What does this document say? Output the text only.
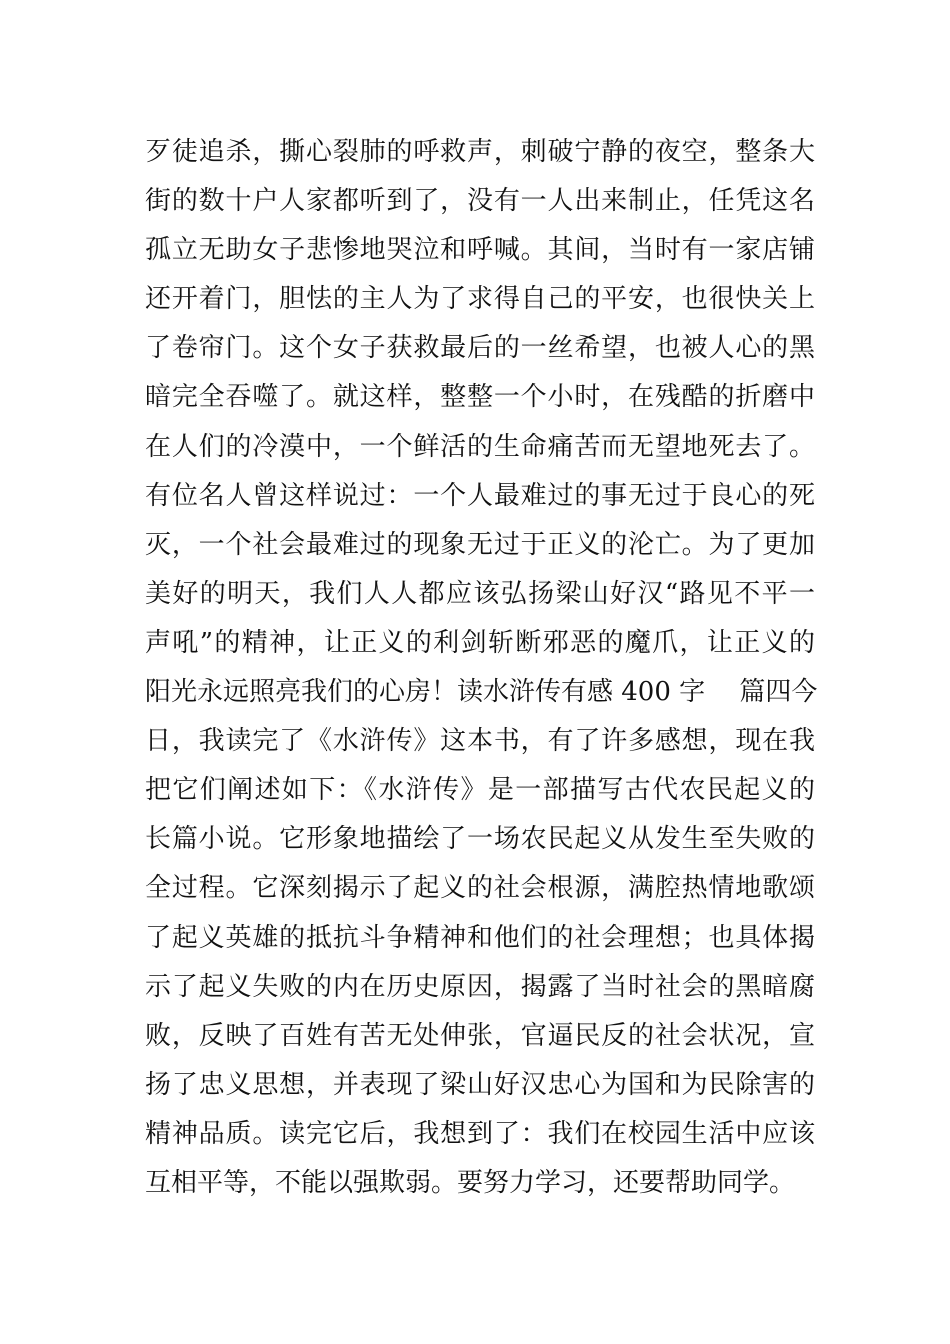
歹徒追杀，撕心裂肺的呼救声，刺破宁静的夜空，整条大
街的数十户人家都听到了，没有一人出来制止，任凭这名
孤立无助女子悲惨地哭泣和呼喊。其间，当时有一家店铺
还开着门，胆怯的主人为了求得自己的平安，也很快关上
了卷帘门。这个女子获救最后的一丝希望，也被人心的黑
暗完全吞噬了。就这样，整整一个小时，在残酷的折磨中
在人们的冷漠中，一个鲜活的生命痛苦而无望地死去了。
有位名人曾这样说过：一个人最难过的事无过于良心的死
灭，一个社会最难过的现象无过于正义的沦亡。为了更加
美好的明天，我们人人都应该弘扬梁山好汉“路见不平一
声吼”的精神，让正义的利剑斩断邪恶的魔爪，让正义的
阳光永远照亮我们的心房！读水浒传有感 400 字　 篇四今
日，我读完了《水浒传》这本书，有了许多感想，现在我
把它们阐述如下：《水浒传》是一部描写古代农民起义的
长篇小说。它形象地描绘了一场农民起义从发生至失败的
全过程。它深刻揭示了起义的社会根源，满腔热情地歌颂
了起义英雄的抵抗斗争精神和他们的社会理想；也具体揭
示了起义失败的内在历史原因，揭露了当时社会的黑暗腐
败，反映了百姓有苦无处伸张，官逼民反的社会状况，宣
扬了忠义思想，并表现了梁山好汉忠心为国和为民除害的
精神品质。读完它后，我想到了：我们在校园生活中应该
互相平等，不能以强欺弱。要努力学习，还要帮助同学。
